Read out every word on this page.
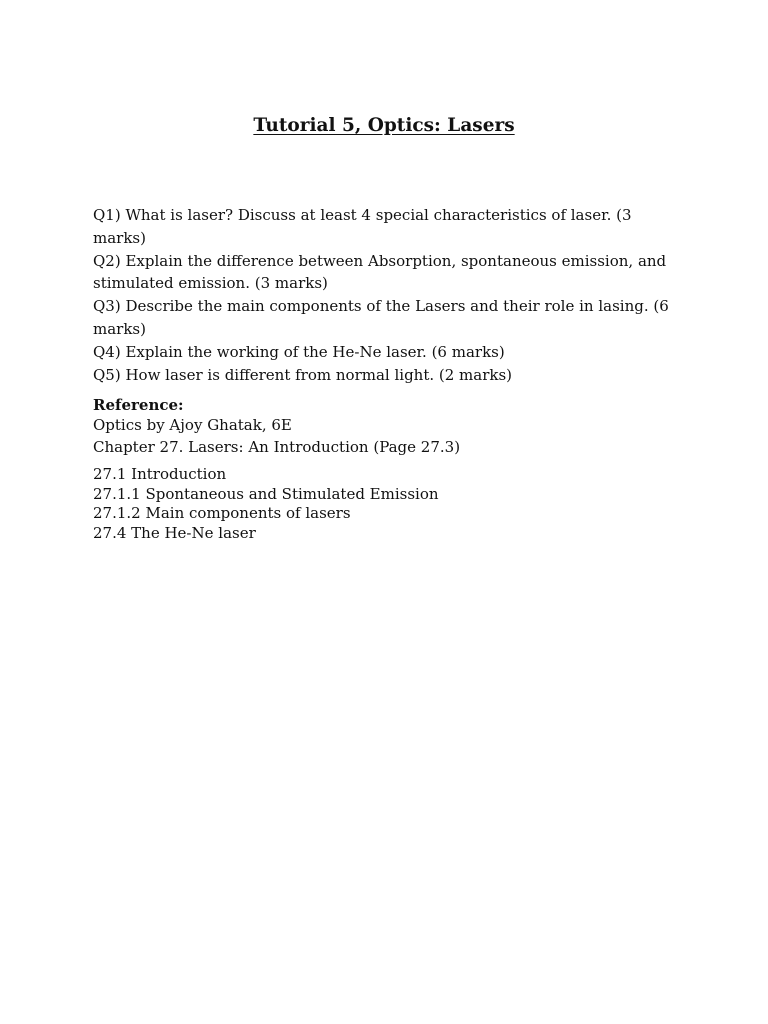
Tutorial 5, Optics: Lasers
Q1) What is laser? Discuss at least 4 special characteristics of laser. (3 marks)
Q2) Explain the difference between Absorption, spontaneous emission, and stimulated emission. (3 marks)
Q3) Describe the main components of the Lasers and their role in lasing. (6 marks)
Q4) Explain the working of the He-Ne laser. (6 marks)
Q5) How laser is different from normal light. (2 marks)
Reference:
Optics by Ajoy Ghatak, 6E
Chapter 27. Lasers: An Introduction (Page 27.3)
27.1 Introduction
27.1.1 Spontaneous and Stimulated Emission
27.1.2 Main components of lasers
27.4 The He-Ne laser
